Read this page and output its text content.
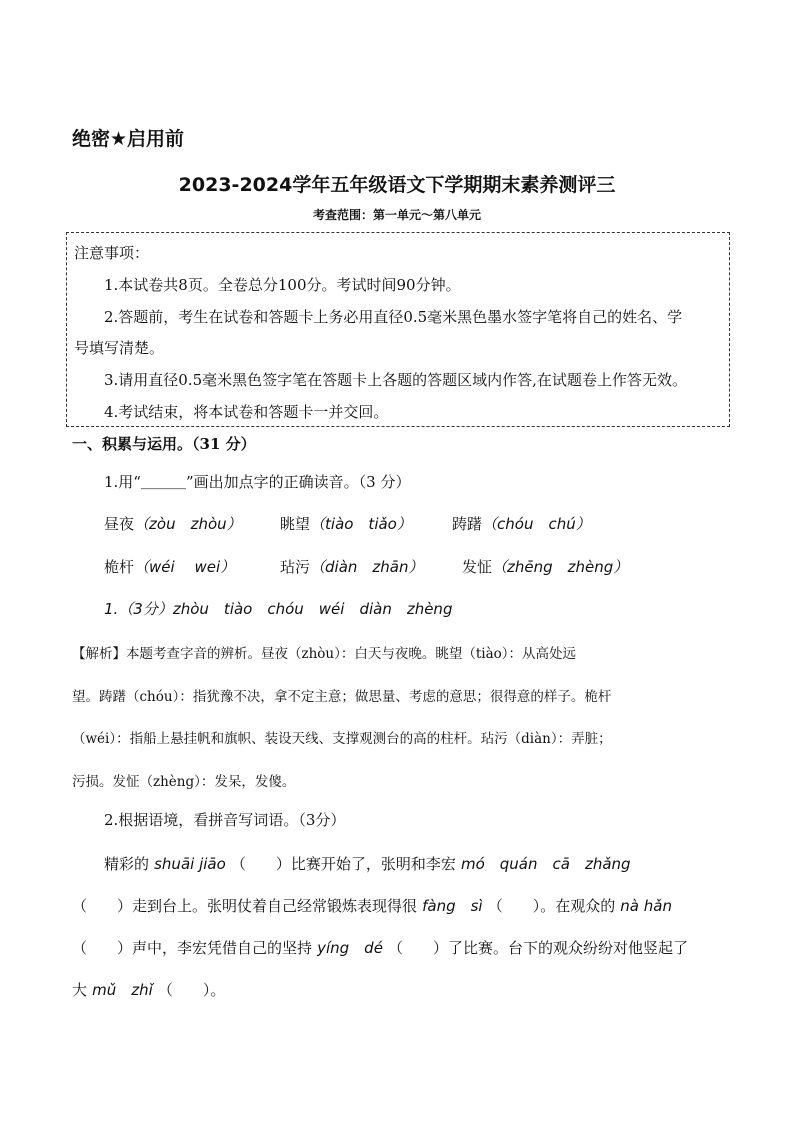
绝密★启用前
2023-2024学年五年级语文下学期期末素养测评三
考查范围：第一单元～第八单元
注意事项：
1.本试卷共8页。全卷总分100分。考试时间90分钟。
2.答题前，考生在试卷和答题卡上务必用直径0.5毫米黑色墨水签字笔将自己的姓名、学
号填写清楚。
3.请用直径0.5毫米黑色签字笔在答题卡上各题的答题区域内作答,在试题卷上作答无效。
4.考试结束，将本试卷和答题卡一并交回。
一、积累与运用。（31 分）
1.用“＿＿＿”画出加点字的正确读音。（3 分）
昼夜（zòu　zhòu）	眺望（tiào　tiǎo）	踌躇（chóu　chú）
桅杆（wéi　 wei）	玷污（diàn　zhān）	发怔（zhēng　zhèng）
1.（3分）zhòu　tiào　chóu　wéi　diàn　zhèng
【解析】本题考查字音的辨析。昼夜（zhòu）：白天与夜晚。眺望（tiào）：从高处远
望。踌躇（chóu）：指犹豫不决，拿不定主意；做思量、考虑的意思；很得意的样子。桅杆
（wéi）：指船上悬挂帆和旗帜、装设天线、支撑观测台的高的柱杆。玷污（diàn）：弄脏；
污损。发怔（zhèng）：发呆，发傻。
2.根据语境，看拼音写词语。（3分）
精彩的 shuāi jiāo （　　）比赛开始了，张明和李宏 mó　quán　cā　zhǎng
（　　）走到台上。张明仗着自己经常锻炼表现得很 fàng　sì （　　）。在观众的 nà hǎn
（　　）声中，李宏凭借自己的坚持 yíng　dé （　　）了比赛。台下的观众纷纷对他竖起了
大 mǔ　zhǐ （　　）。
